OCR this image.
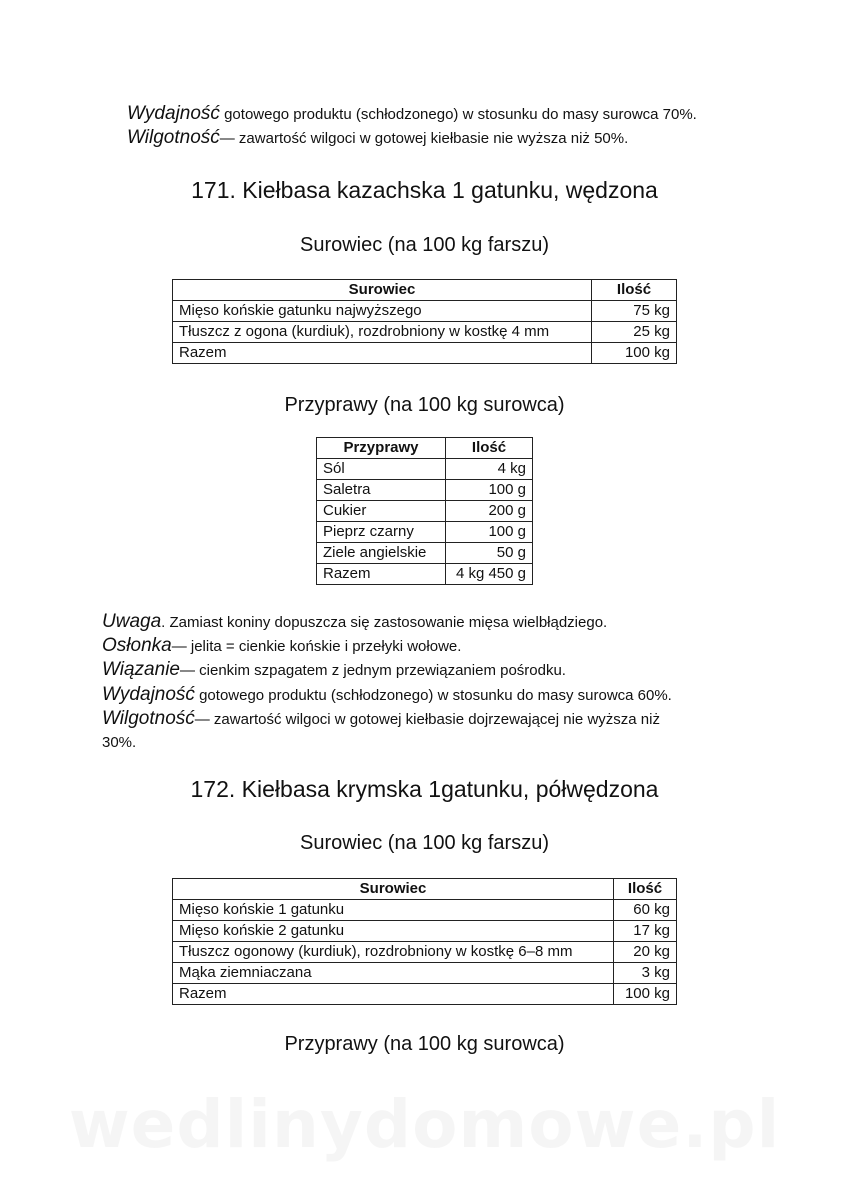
Wydajność gotowego produktu (schłodzonego) w stosunku do masy surowca 70%.
Wilgotność— zawartość wilgoci w gotowej kiełbasie nie wyższa niż 50%.
171. Kiełbasa kazachska 1 gatunku, wędzona
Surowiec (na 100 kg farszu)
Surowiec	Ilość
Mięso końskie gatunku najwyższego	75 kg
Tłuszcz z ogona (kurdiuk), rozdrobniony w kostkę 4 mm	25 kg
Razem	100 kg
Przyprawy (na 100 kg surowca)
Przyprawy	Ilość
Sól	4 kg
Saletra	100 g
Cukier	200 g
Pieprz czarny	100 g
Ziele angielskie	50 g
Razem	4 kg 450 g
Uwaga. Zamiast koniny dopuszcza się zastosowanie mięsa wielbłądziego.
Osłonka— jelita = cienkie końskie i przełyki wołowe.
Wiązanie— cienkim szpagatem z jednym przewiązaniem pośrodku.
Wydajność gotowego produktu (schłodzonego) w stosunku do masy surowca 60%.
Wilgotność— zawartość wilgoci w gotowej kiełbasie dojrzewającej nie wyższa niż
30%.
172. Kiełbasa krymska 1gatunku, półwędzona
Surowiec (na 100 kg farszu)
Surowiec	Ilość
Mięso końskie 1 gatunku	60 kg
Mięso końskie 2 gatunku	17 kg
Tłuszcz ogonowy (kurdiuk), rozdrobniony w kostkę 6–8 mm	20 kg
Mąka ziemniaczana	3 kg
Razem	100 kg
Przyprawy (na 100 kg surowca)
